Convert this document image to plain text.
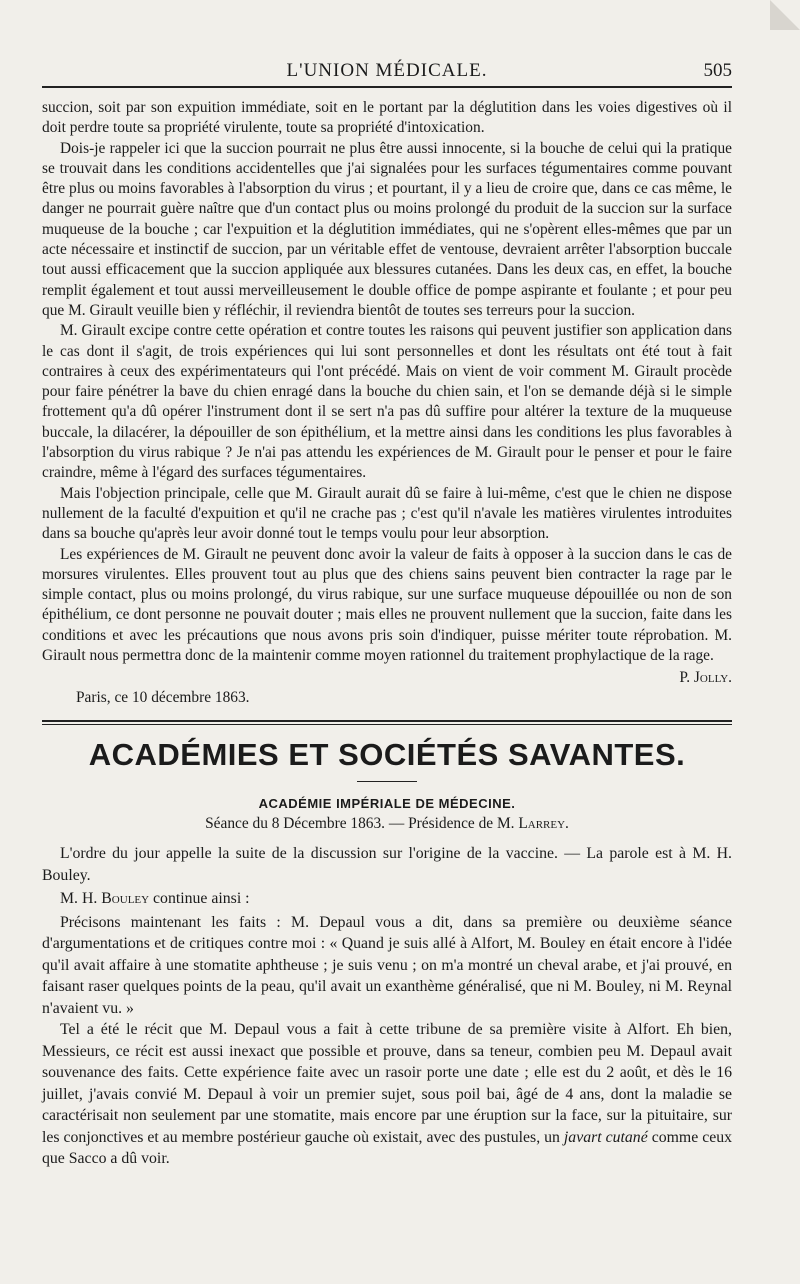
L'UNION MÉDICALE.	505

succion, soit par son expuition immédiate, soit en le portant par la déglutition dans les voies digestives où il doit perdre toute sa propriété virulente, toute sa propriété d'intoxication.

Dois-je rappeler ici que la succion pourrait ne plus être aussi innocente, si la bouche de celui qui la pratique se trouvait dans les conditions accidentelles que j'ai signalées pour les surfaces tégumentaires comme pouvant être plus ou moins favorables à l'absorption du virus ; et pourtant, il y a lieu de croire que, dans ce cas même, le danger ne pourrait guère naître que d'un contact plus ou moins prolongé du produit de la succion sur la surface muqueuse de la bouche ; car l'expuition et la déglutition immédiates, qui ne s'opèrent elles-mêmes que par un acte nécessaire et instinctif de succion, par un véritable effet de ventouse, devraient arrêter l'absorption buccale tout aussi efficacement que la succion appliquée aux blessures cutanées. Dans les deux cas, en effet, la bouche remplit également et tout aussi merveilleusement le double office de pompe aspirante et foulante ; et pour peu que M. Girault veuille bien y réfléchir, il reviendra bientôt de toutes ses terreurs pour la succion.

M. Girault excipe contre cette opération et contre toutes les raisons qui peuvent justifier son application dans le cas dont il s'agit, de trois expériences qui lui sont personnelles et dont les résultats ont été tout à fait contraires à ceux des expérimentateurs qui l'ont précédé. Mais on vient de voir comment M. Girault procède pour faire pénétrer la bave du chien enragé dans la bouche du chien sain, et l'on se demande déjà si le simple frottement qu'a dû opérer l'instrument dont il se sert n'a pas dû suffire pour altérer la texture de la muqueuse buccale, la dilacérer, la dépouiller de son épithélium, et la mettre ainsi dans les conditions les plus favorables à l'absorption du virus rabique ? Je n'ai pas attendu les expériences de M. Girault pour le penser et pour le faire craindre, même à l'égard des surfaces tégumentaires.

Mais l'objection principale, celle que M. Girault aurait dû se faire à lui-même, c'est que le chien ne dispose nullement de la faculté d'expuition et qu'il ne crache pas ; c'est qu'il n'avale les matières virulentes introduites dans sa bouche qu'après leur avoir donné tout le temps voulu pour leur absorption.

Les expériences de M. Girault ne peuvent donc avoir la valeur de faits à opposer à la succion dans le cas de morsures virulentes. Elles prouvent tout au plus que des chiens sains peuvent bien contracter la rage par le simple contact, plus ou moins prolongé, du virus rabique, sur une surface muqueuse dépouillée ou non de son épithélium, ce dont personne ne pouvait douter ; mais elles ne prouvent nullement que la succion, faite dans les conditions et avec les précautions que nous avons pris soin d'indiquer, puisse mériter toute réprobation. M. Girault nous permettra donc de la maintenir comme moyen rationnel du traitement prophylactique de la rage.

P. Jolly.

Paris, ce 10 décembre 1863.

ACADÉMIES ET SOCIÉTÉS SAVANTES.
ACADÉMIE IMPÉRIALE DE MÉDECINE.

Séance du 8 Décembre 1863. — Présidence de M. Larrey.

L'ordre du jour appelle la suite de la discussion sur l'origine de la vaccine. — La parole est à M. H. Bouley.

M. H. Bouley continue ainsi :

Précisons maintenant les faits : M. Depaul vous a dit, dans sa première ou deuxième séance d'argumentations et de critiques contre moi : « Quand je suis allé à Alfort, M. Bouley en était encore à l'idée qu'il avait affaire à une stomatite aphtheuse ; je suis venu ; on m'a montré un cheval arabe, et j'ai prouvé, en faisant raser quelques points de la peau, qu'il avait un exanthème généralisé, que ni M. Bouley, ni M. Reynal n'avaient vu. »

Tel a été le récit que M. Depaul vous a fait à cette tribune de sa première visite à Alfort. Eh bien, Messieurs, ce récit est aussi inexact que possible et prouve, dans sa teneur, combien peu M. Depaul avait souvenance des faits. Cette expérience faite avec un rasoir porte une date ; elle est du 2 août, et dès le 16 juillet, j'avais convié M. Depaul à voir un premier sujet, sous poil bai, âgé de 4 ans, dont la maladie se caractérisait non seulement par une stomatite, mais encore par une éruption sur la face, sur la pituitaire, sur les conjonctives et au membre postérieur gauche où existait, avec des pustules, un javart cutané comme ceux que Sacco a dû voir.
